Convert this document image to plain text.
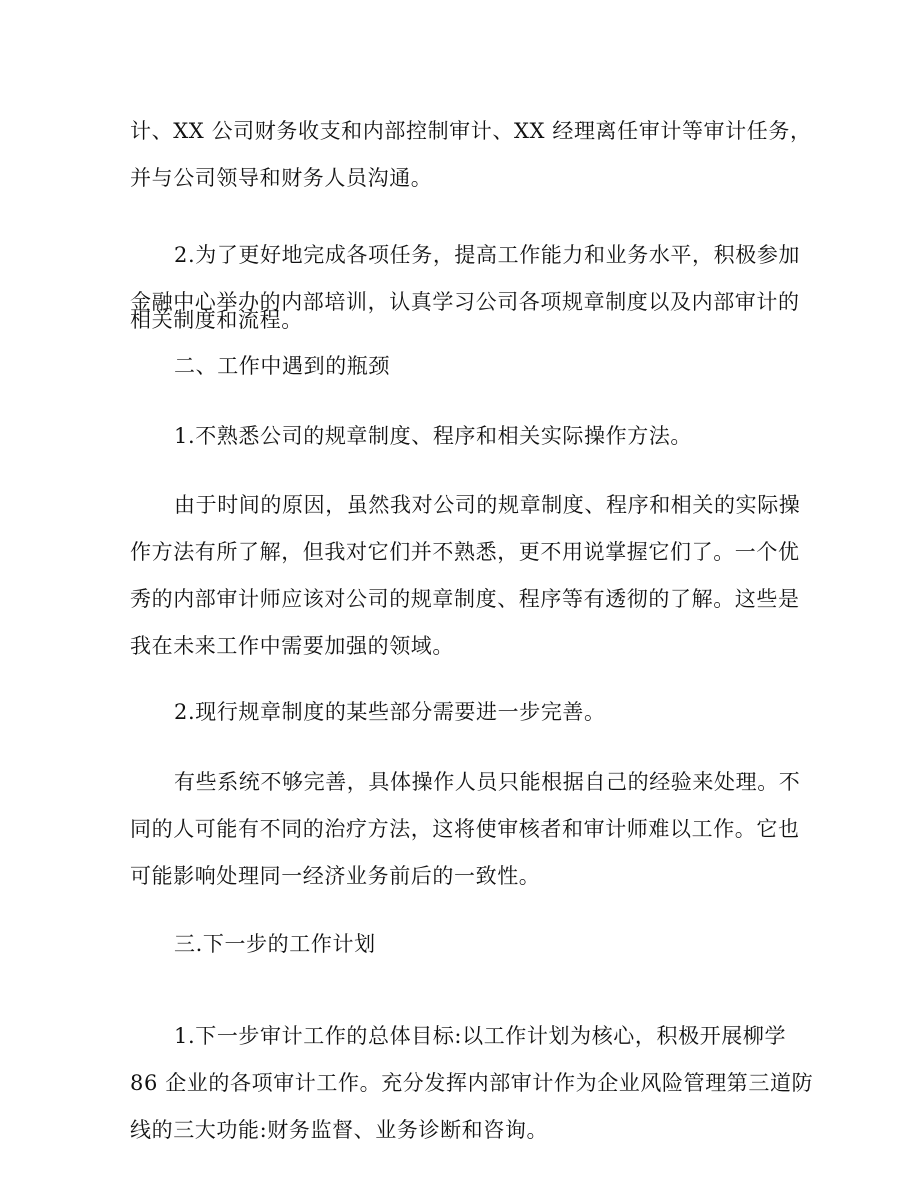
计、XX 公司财务收支和内部控制审计、XX 经理离任审计等审计任务，
并与公司领导和财务人员沟通。
2.为了更好地完成各项任务，提高工作能力和业务水平，积极参加
金融中心举办的内部培训，认真学习公司各项规章制度以及内部审计的
相关制度和流程。
二、工作中遇到的瓶颈
1.不熟悉公司的规章制度、程序和相关实际操作方法。
由于时间的原因，虽然我对公司的规章制度、程序和相关的实际操
作方法有所了解，但我对它们并不熟悉，更不用说掌握它们了。一个优
秀的内部审计师应该对公司的规章制度、程序等有透彻的了解。这些是
我在未来工作中需要加强的领域。
2.现行规章制度的某些部分需要进一步完善。
有些系统不够完善，具体操作人员只能根据自己的经验来处理。不
同的人可能有不同的治疗方法，这将使审核者和审计师难以工作。它也
可能影响处理同一经济业务前后的一致性。
三.下一步的工作计划
1.下一步审计工作的总体目标:以工作计划为核心，积极开展柳学
86 企业的各项审计工作。充分发挥内部审计作为企业风险管理第三道防
线的三大功能:财务监督、业务诊断和咨询。
